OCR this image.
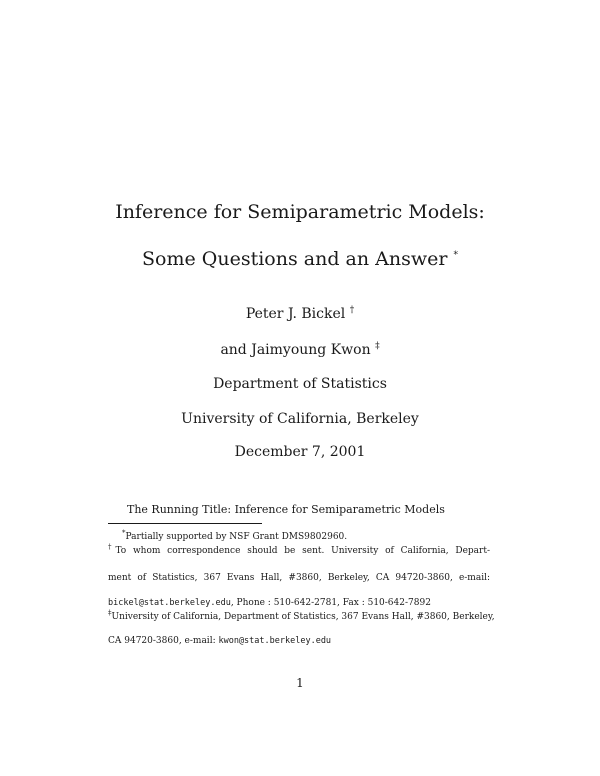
Inference for Semiparametric Models:
Some Questions and an Answer *
Peter J. Bickel †
and Jaimyoung Kwon ‡
Department of Statistics
University of California, Berkeley
December 7, 2001
The Running Title: Inference for Semiparametric Models
*Partially supported by NSF Grant DMS9802960.
†To whom correspondence should be sent. University of California, Depart-
ment of Statistics, 367 Evans Hall, #3860, Berkeley, CA 94720-3860, e-mail:
bickel@stat.berkeley.edu, Phone : 510-642-2781, Fax : 510-642-7892
‡University of California, Department of Statistics, 367 Evans Hall, #3860, Berkeley,
CA 94720-3860, e-mail: kwon@stat.berkeley.edu
1
